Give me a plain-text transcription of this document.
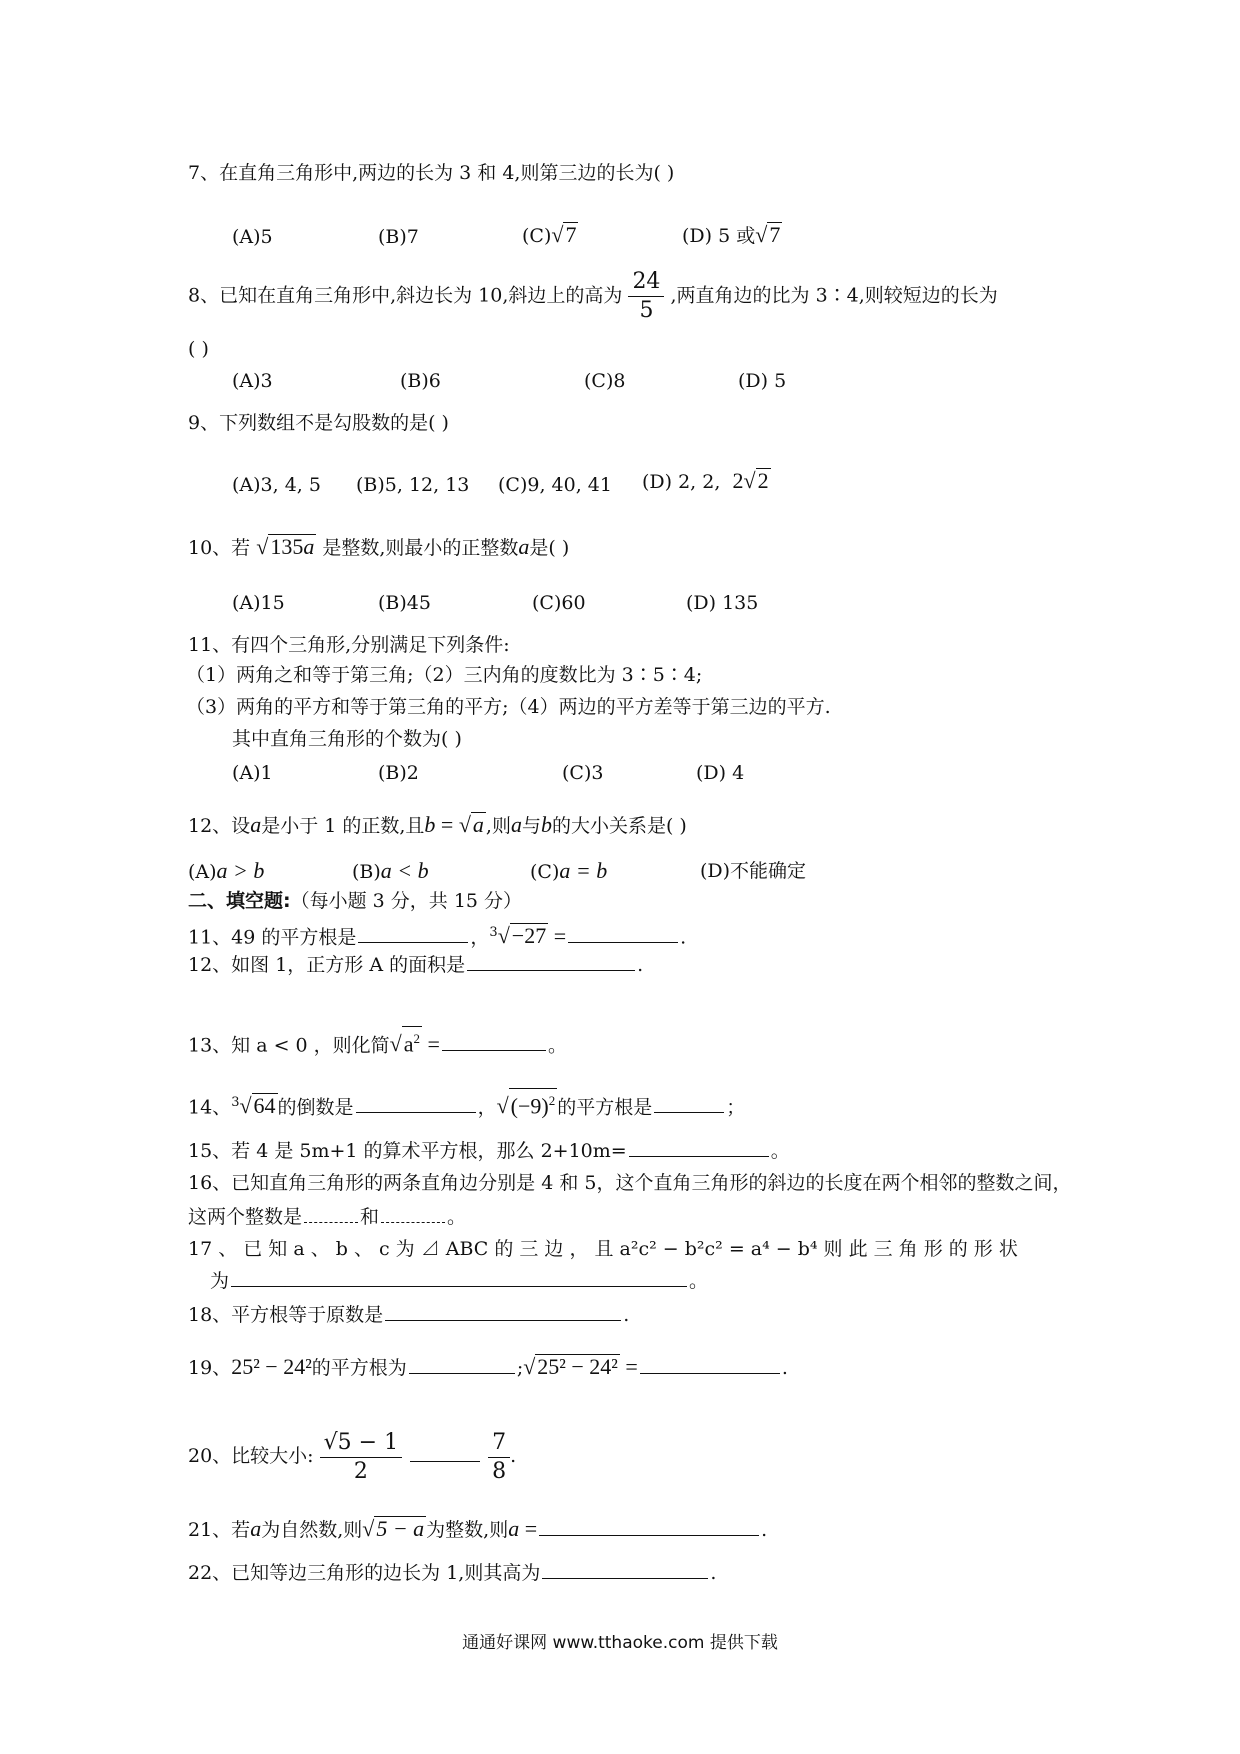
7、在直角三角形中,两边的长为 3 和 4,则第三边的长为( )
(A)5	(B)7	(C)√7	(D) 5 或√7
8、已知在直角三角形中,斜边长为 10,斜边上的高为 $\frac{24}{5}$ ,两直角边的比为 3∶4,则较短边的长为
( )
(A)3	(B)6	(C)8	(D) 5
9、下列数组不是勾股数的是( )
(A)3, 4, 5 (B)5, 12, 13 (C)9, 40, 41 (D) 2, 2, 2√2
10、若 √135a 是整数,则最小的正整数a是( )
(A)15	(B)45	(C)60	(D) 135
11、有四个三角形,分别满足下列条件:
（1）两角之和等于第三角;（2）三内角的度数比为 3∶5∶4;
（3）两角的平方和等于第三角的平方;（4）两边的平方差等于第三边的平方.
其中直角三角形的个数为( )
(A)1	(B)2	(C)3	(D) 4
12、设a是小于 1 的正数,且b = √a ,则a与b的大小关系是( )
(A)a > b	(B)a < b	(C)a = b	(D)不能确定
二、填空题:（每小题 3 分，共 15 分）
11、49 的平方根是	，$^3$√−27 =	.
12、如图 1，正方形 A 的面积是	.
13、知 a < 0 ，则化简$√a^2$ =	。
14、$^3$√64 的倒数是	，$√(-9)^2$ 的平方根是	；
15、若 4 是 5m+1 的算术平方根，那么 2+10m=	。
16、已知直角三角形的两条直角边分别是 4 和 5，这个直角三角形的斜边的长度在两个相邻的整数之间，
这两个整数是	和	。
17 、 已 知 a 、 b 、 c 为 ⊿ ABC 的 三 边 ， 且 a²c² − b²c² = a⁴ − b⁴ 则 此 三 角 形 的 形 状
为	。
18、平方根等于原数是	.
19、25² − 24²的平方根为	;√25² − 24² =	.
20、比较大小: $\frac{√5 - 1}{2}$
	$\frac{7}{8}$ .
21、若a为自然数,则√5 − a 为整数,则a =	.
22、已知等边三角形的边长为 1,则其高为	.
通通好课网 www.tthaoke.com 提供下载
